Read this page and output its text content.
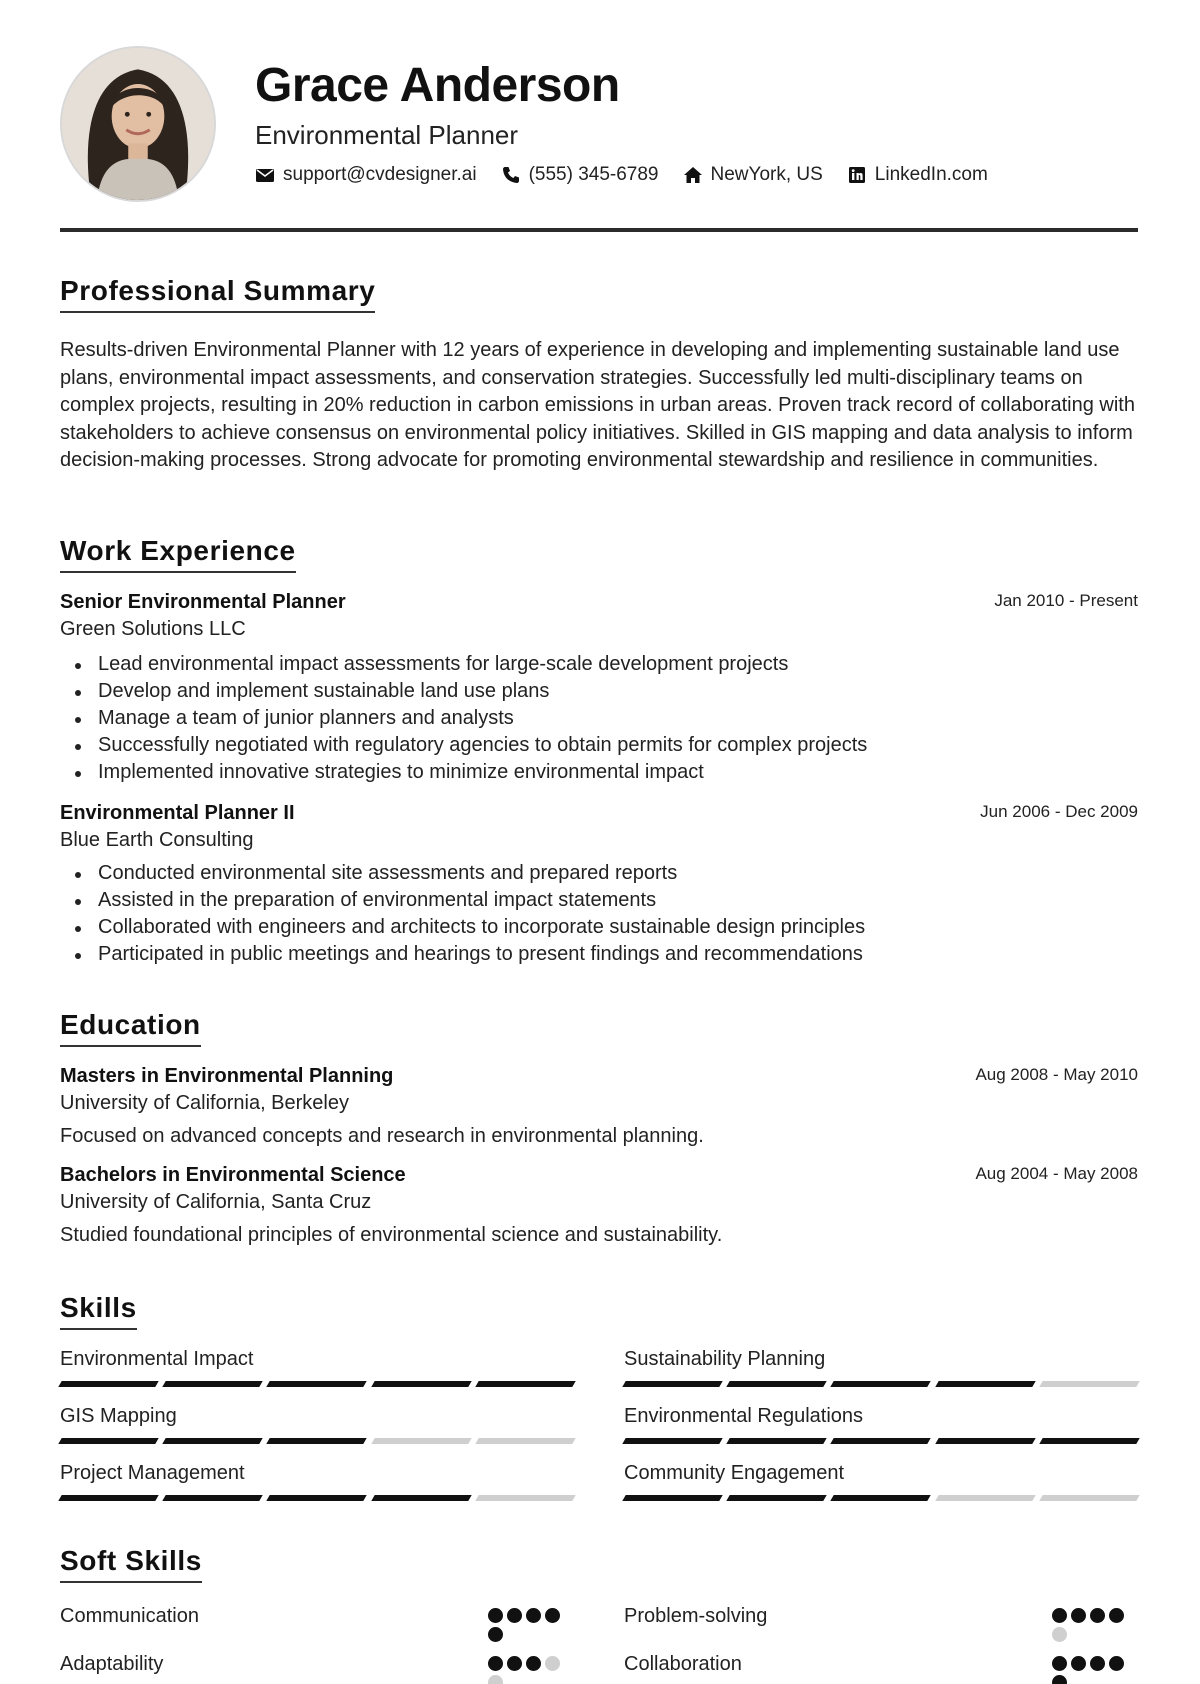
Grace Anderson
Environmental Planner
support@cvdesigner.ai	(555) 345-6789	NewYork, US	LinkedIn.com
Professional Summary

Results-driven Environmental Planner with 12 years of experience in developing and implementing sustainable land use plans, environmental impact assessments, and conservation strategies. Successfully led multi-disciplinary teams on complex projects, resulting in 20% reduction in carbon emissions in urban areas. Proven track record of collaborating with stakeholders to achieve consensus on environmental policy initiatives. Skilled in GIS mapping and data analysis to inform decision-making processes. Strong advocate for promoting environmental stewardship and resilience in communities.

Work Experience
Senior Environmental Planner	Jan 2010 - Present
Green Solutions LLC
Lead environmental impact assessments for large-scale development projects
Develop and implement sustainable land use plans
Manage a team of junior planners and analysts
Successfully negotiated with regulatory agencies to obtain permits for complex projects
Implemented innovative strategies to minimize environmental impact
Environmental Planner II	Jun 2006 - Dec 2009
Blue Earth Consulting
Conducted environmental site assessments and prepared reports
Assisted in the preparation of environmental impact statements
Collaborated with engineers and architects to incorporate sustainable design principles
Participated in public meetings and hearings to present findings and recommendations
Education
Masters in Environmental Planning	Aug 2008 - May 2010
University of California, Berkeley
Focused on advanced concepts and research in environmental planning.
Bachelors in Environmental Science	Aug 2004 - May 2008
University of California, Santa Cruz
Studied foundational principles of environmental science and sustainability.
Skills
Environmental Impact	Sustainability Planning
GIS Mapping	Environmental Regulations
Project Management	Community Engagement
Soft Skills
Communication	Problem-solving
Adaptability	Collaboration
